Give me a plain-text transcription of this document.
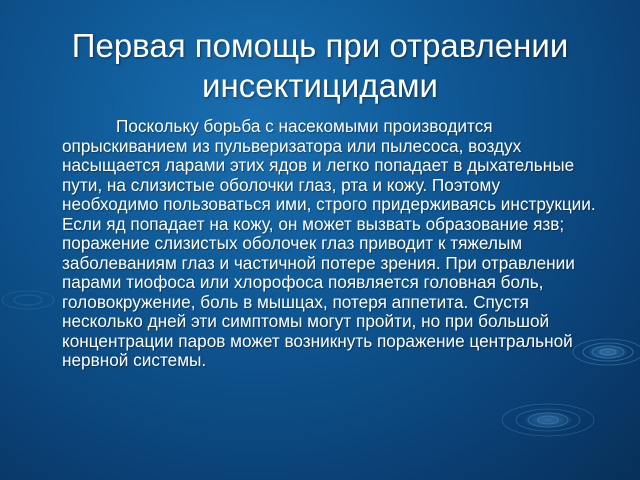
Первая помощь при отравлении инсектицидами

Поскольку борьба с насекомыми производится опрыскиванием из пульверизатора или пылесоса, воздух насыщается ларами этих ядов и легко попадает в дыхательные пути, на слизистые оболочки глаз, рта и кожу. Поэтому необходимо пользоваться ими, строго придерживаясь инструкции. Если яд попадает на кожу, он может вызвать образование язв; поражение слизистых оболочек глаз приводит к тяжелым заболеваниям глаз и частичной потере зрения. При отравлении парами тиофоса или хлорофоса появляется головная боль, головокружение, боль в мышцах, потеря аппетита. Спустя несколько дней эти симптомы могут пройти, но при большой концентрации паров может возникнуть поражение центральной нервной системы.
